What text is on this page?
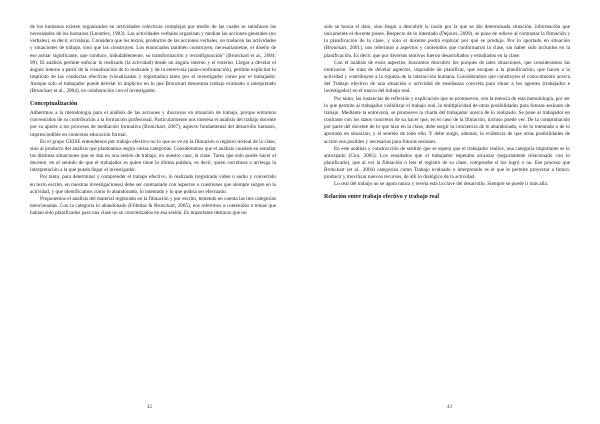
de los humanos existen organizados en actividades colectivas complejas por medio de las cuales se satisfacen las necesidades de los humanos (Leontiev, 1983). Las actividades verbales organizan y median las acciones generales (no verbales), es decir, el trabajo. Considera que los textos, productos de las acciones verbales, no traducen las actividades y situaciones de trabajo, sino que las construyen. Los enunciados también construyen, necesariamente, el diseño de ese actuar significante, que conduce, indudablemente, su transformación y reconfiguración” (Bronckart et al., 2004: 99). El análisis permite enfocar lo realizado (la actividad) desde un ángulo interno y el externo. Llegar a develar el ángulo interno a partir de la visualización de lo realizado y de la entrevista (auto-confrontación), permite explicitar lo implícito de las conductas efectivas (visualizadas y registradas) tanto por el investigador como por el trabajador. Aunque solo el trabajador puede develar lo implícito en lo que Bronckart denomina trabajo evaluado o interpretado (Bronckart et al., 2004), en colaboración con el investigador.

Conceptualización

Adherimos a la metodología para el análisis de las acciones y discursos en situación de trabajo, porque entramos convencidos de su contribución a la formación profesional. Particularmente nos interesa el análisis del trabajo docente por su aporte a los procesos de mediación formativa (Bronckart, 2007), aspecto fundamental del desarrollo humano, imprescindible en contextos educación formal.

En el grupo GEISE entendemos por trabajo efectivo no lo que se ve en la filmación o registro textual de la clase, sino al producto del análisis que planteamos según varias categorías. Consideramos que el análisis consiste en estudiar las distintas situaciones que se dan en una sesión de trabajo, en nuestro caso, la clase. Tarea que solo puede hacer el docente, en el sentido de que el trabajador es quien tiene la última palabra, es decir, quien corrobora o arriesga la interpretación a la que pueda llegar el investigador.

Por tanto, para determinar y comprender el trabajo efectivo, lo realizado (registrado vídeo o audio y convertido en texto escrito, en nuestras investigaciones) debe ser contrastado con aspectos o cuestiones que siempre surgen en la actividad, y que identificamos como lo abandonado, lo intentado y lo que podría ser efectuado.

Proponemos el análisis del material registrado en la filmación y por escrito, teniendo en cuenta las tres categorías mencionadas. Con la categoría lo abandonado (Fillettaz & Bronckart, 2005), nos referimos a contenidos o temas que habían sido planificados para una clase no se concretizados en esa sesión. Es importante destacar que no

42

solo se busca el dato, sino llegar a descubrir la razón por la que se dio determinada situación, información que únicamente el docente posee. Respecto de lo intentado (Dejours, 2009), se pone de relieve al contrastar la filmación y la planificación de la clase, y solo el docente podrá explicar por qué se produjo. Por lo aportado en situación (Bronckart, 2001), nos referimos a aspectos y contenidos que conformaron la clase, sin haber sido incluidos en la planificación. Es decir, que por diversos motivos fueron desarrollados y estudiados en la clase.

Con el análisis de estos aspectos, buscamos descubrir los porqués de tales situaciones, que consideramos las motivaron. Se trata de develar aspectos, imposible de planificar, que escapan a la planificación, que hacen a la actividad y contribuyen a la riqueza de la interacción humana. Consideramos que construyen el conocimiento acerca del Trabajo efectivo de una situación o actividad de enseñanza concreta para situar a los agentes (trabajador e investigador) en el marco del trabajo real.

Por tanto, las instancias de reflexión y explicación que se promueven, son la esencia de esta metodología, por ser lo que permite al trabajador visibilizar el trabajo real, la multiplicidad de otras posibilidades para futuras sesiones de trabajo. Mediante la entrevista, se promueve la charla del trabajador acerca de lo realizado. Se pone al trabajador en contraste con los datos concretos de su hacer que, en el caso de la filmación, incluso puede ver. De la comprobación por parte del docente de lo que hizo en la clase, debe surgir la conciencia de lo abandonado, o de lo intentado o de lo aportado en situación, y el sentido de todo ello. Y debe surgir, además, la evidencia de que otras posibilidades de acción son posibles y necesarias para futuras sesiones.

En este análisis y construcción de sentido que se espera que el trabajador realice, una categoría importante es lo anticipado (Clot, 2005). Los resultados que el trabajador esperaba alcanzar (seguramente relacionado con lo planificado), que al ver la filmación o leer el registro de su clase, compruebe si los logró o no. Ese proceso que Bronckart (et al., 2004) categoriza como Trabajo evaluado o interpretado es el que le permite proyectar a futuro, producir y movilizar nuevos recursos, de allí lo dialógico de la actividad.

Lo real del trabajo no se agota nunca y revela está la clave del desarrollo. Siempre se puede ir más allá.

Relación entre trabajo efectivo y trabajo real
43
